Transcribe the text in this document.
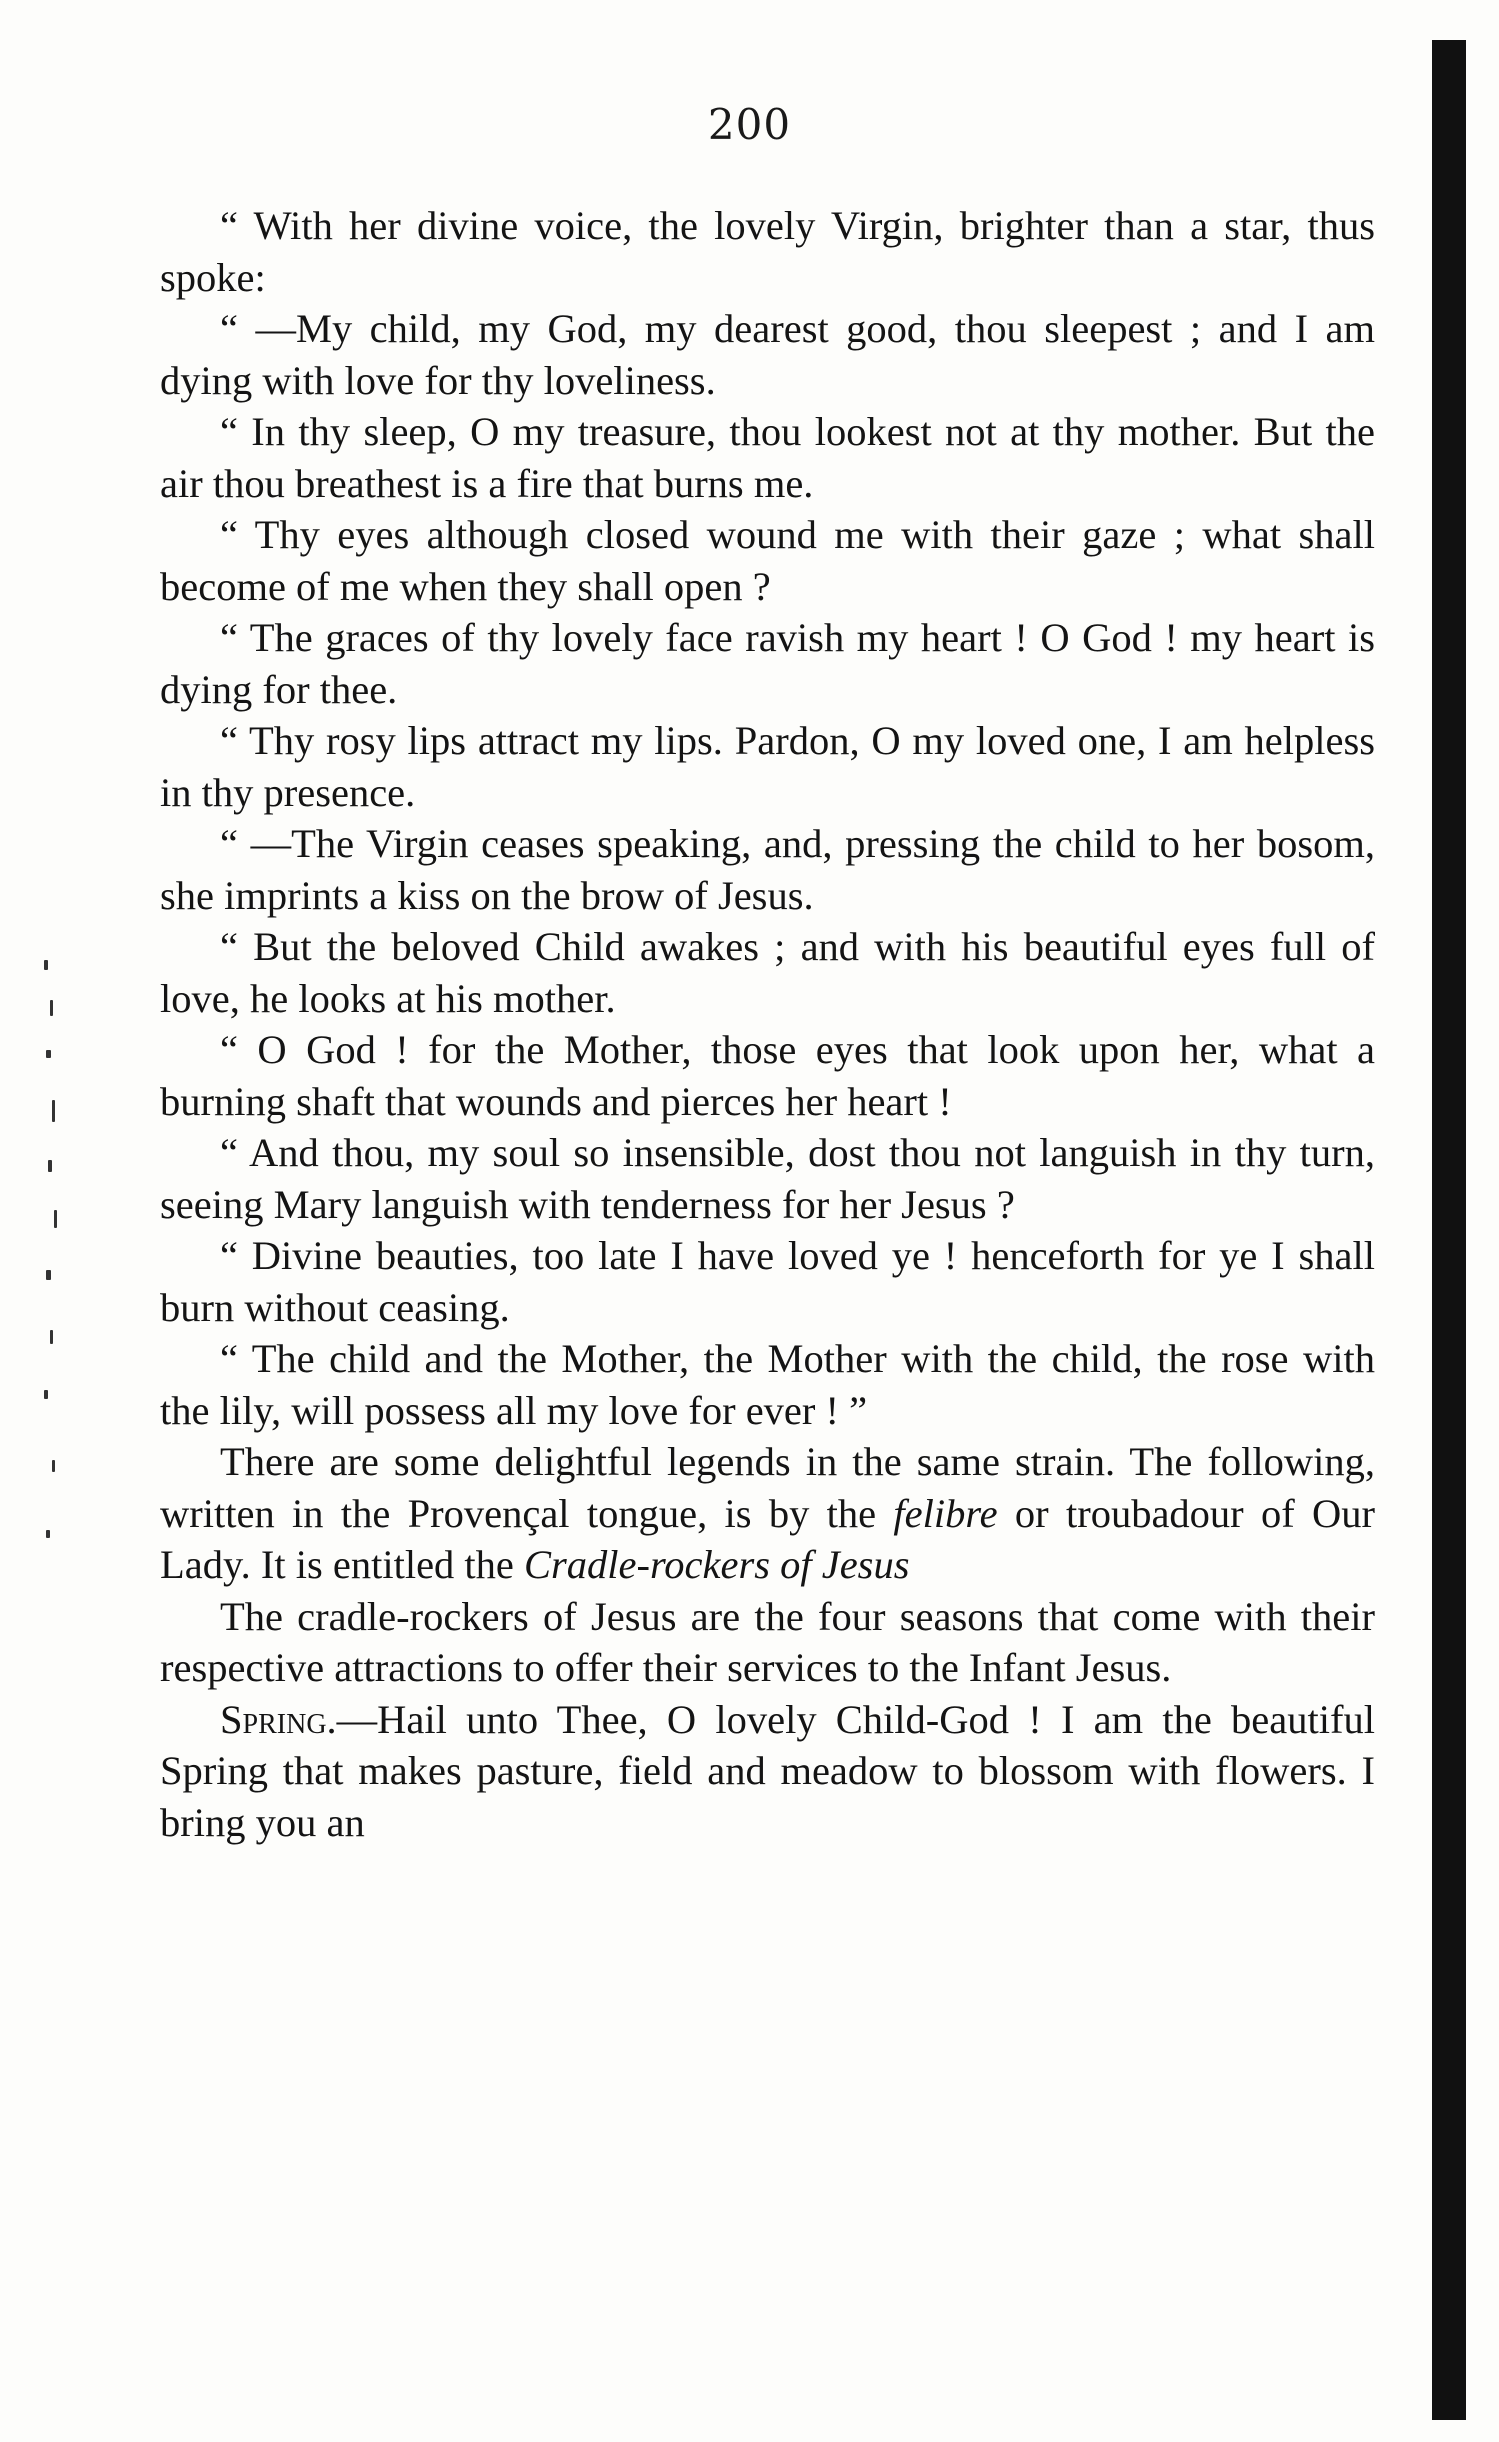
200

“ With her divine voice, the lovely Virgin, brighter than a star, thus spoke:

“ —My child, my God, my dearest good, thou sleepest ; and I am dying with love for thy loveliness.

“ In thy sleep, O my treasure, thou lookest not at thy mother. But the air thou breathest is a fire that burns me.

“ Thy eyes although closed wound me with their gaze ; what shall become of me when they shall open ?

“ The graces of thy lovely face ravish my heart ! O God ! my heart is dying for thee.

“ Thy rosy lips attract my lips. Pardon, O my loved one, I am helpless in thy presence.

“ —The Virgin ceases speaking, and, pressing the child to her bosom, she imprints a kiss on the brow of Jesus.

“ But the beloved Child awakes ; and with his beautiful eyes full of love, he looks at his mother.

“ O God ! for the Mother, those eyes that look upon her, what a burning shaft that wounds and pierces her heart !

“ And thou, my soul so insensible, dost thou not languish in thy turn, seeing Mary languish with tenderness for her Jesus ?

“ Divine beauties, too late I have loved ye ! henceforth for ye I shall burn without ceasing.

“ The child and the Mother, the Mother with the child, the rose with the lily, will possess all my love for ever ! ”

There are some delightful legends in the same strain. The following, written in the Provençal tongue, is by the felibre or troubadour of Our Lady. It is entitled the Cradle-rockers of Jesus

The cradle-rockers of Jesus are the four seasons that come with their respective attractions to offer their services to the Infant Jesus.

Spring.—Hail unto Thee, O lovely Child-God ! I am the beautiful Spring that makes pasture, field and meadow to blossom with flowers. I bring you an
